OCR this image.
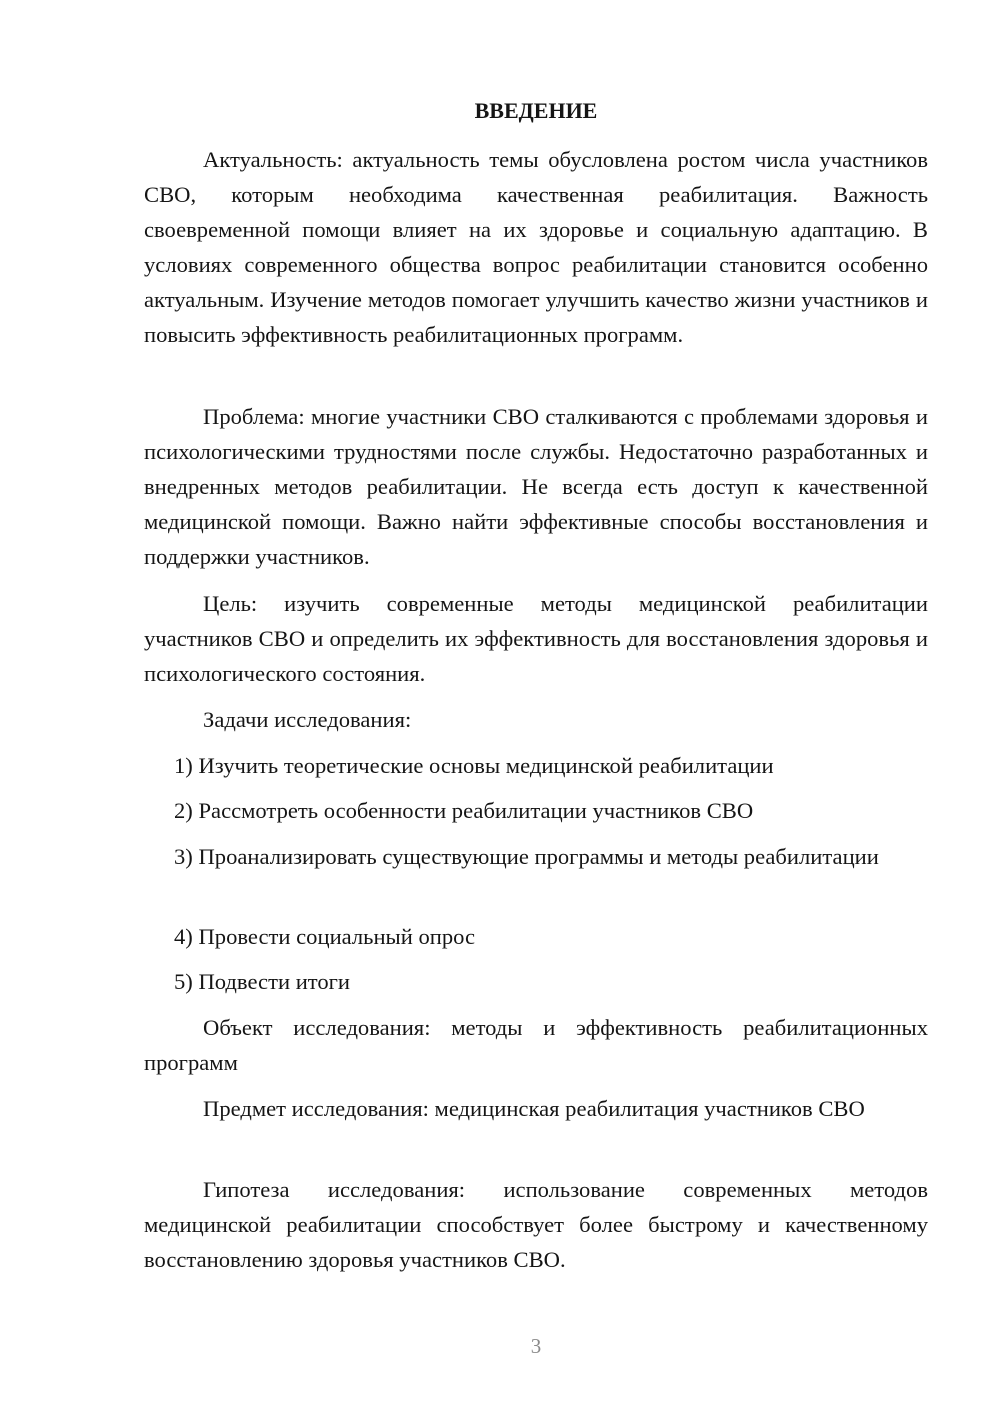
ВВЕДЕНИЕ

Актуальность: актуальность темы обусловлена ростом числа участников СВО, которым необходима качественная реабилитация. Важность своевременной помощи влияет на их здоровье и социальную адаптацию. В условиях современного общества вопрос реабилитации становится особенно актуальным. Изучение методов помогает улучшить качество жизни участников и повысить эффективность реабилитационных программ.

Проблема: многие участники СВО сталкиваются с проблемами здоровья и психологическими трудностями после службы. Недостаточно разработанных и внедренных методов реабилитации. Не всегда есть доступ к качественной медицинской помощи. Важно найти эффективные способы восстановления и поддержки участников.

Цель: изучить современные методы медицинской реабилитации участников СВО и определить их эффективность для восстановления здоровья и психологического состояния.

Задачи исследования:

1) Изучить теоретические основы медицинской реабилитации

2) Рассмотреть особенности реабилитации участников СВО

3) Проанализировать существующие программы и методы реабилитации

4) Провести социальный опрос

5) Подвести итоги

Объект исследования: методы и эффективность реабилитационных программ

Предмет исследования: медицинская реабилитация участников СВО

Гипотеза исследования: использование современных методов медицинской реабилитации способствует более быстрому и качественному восстановлению здоровья участников СВО.

3
